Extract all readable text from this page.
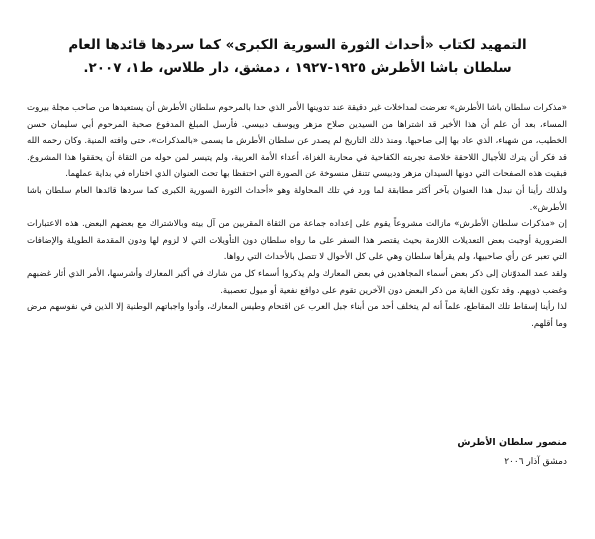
التمهيد لكتاب «أحداث الثورة السورية الكبرى» كما سردها قائدها العام
سلطان باشا الأطرش ١٩٢٥-١٩٢٧ ، دمشق، دار طلاس، ط١، ٢٠٠٧.

«مذكرات سلطان باشا الأطرش» تعرضت لمداخلات غير دقيقة عند تدوينها الأمر الذي حدا بالمرحوم سلطان الأطرش أن يستعيدها من صاحب مجلة بيروت المساء، بعد أن علم أن هذا الأخير قد اشتراها من السيدين صلاح مزهر ويوسف دبيسي. فأرسل المبلغ المدفوع صحبة المرحوم أبي سليمان حسن الخطيب، من شهباء، الذي عاد بها إلى صاحبها. ومنذ ذلك التاريخ لم يصدر عن سلطان الأطرش ما يسمى «بالمذكرات»، حتى وافته المنية. وكان رحمه الله قد فكر أن يترك للأجيال اللاحقة خلاصة تجربته الكفاحية في محاربة الغزاة، أعداء الأمة العربية، ولم يتيسر لمن حوله من الثقاة أن يحققوا هذا المشروع. فبقيت هذه الصفحات التي دونها السيدان مزهر ودبيسي تتنقل منسوخة عن الصورة التي احتفظا بها تحت العنوان الذي اختاراه في بداية عملهما.

ولذلك رأينا أن نبدل هذا العنوان بآخر أكثر مطابقة لما ورد في تلك المحاولة وهو «أحداث الثورة السورية الكبرى كما سردها قائدها العام سلطان باشا الأطرش».

إن «مذكرات سلطان الأطرش» مازالت مشروعاً يقوم على إعداده جماعة من الثقاة المقربين من آل بيته وبالاشتراك مع بعضهم البعض. هذه الاعتبارات الضرورية أوجبت بعض التعديلات اللازمة بحيث يقتصر هذا السفر على ما رواه سلطان دون التأويلات التي لا لزوم لها ودون المقدمة الطويلة والإضافات التي تعبر عن رأي صاحبيها، ولم يقرأها سلطان وهي على كل الأحوال لا تتصل بالأحداث التي رواها.

ولقد عمد المدوّنان إلى ذكر بعض أسماء المجاهدين في بعض المعارك ولم يذكروا أسماء كل من شارك في أكبر المعارك وأشرسها، الأمر الذي أثار غضبهم وغضب ذويهم. وقد تكون الغاية من ذكر البعض دون الآخرين تقوم على دوافع نفعية أو ميول تعصبية.

لذا رأينا إسقاط تلك المقاطع، علماً أنه لم يتخلف أحد من أبناء جبل العرب عن اقتحام وطيس المعارك، وأدوا واجباتهم الوطنية إلا الذين في نفوسهم مرض وما أقلهم.

منصور سلطان الأطرش
دمشق آذار ٢٠٠٦
